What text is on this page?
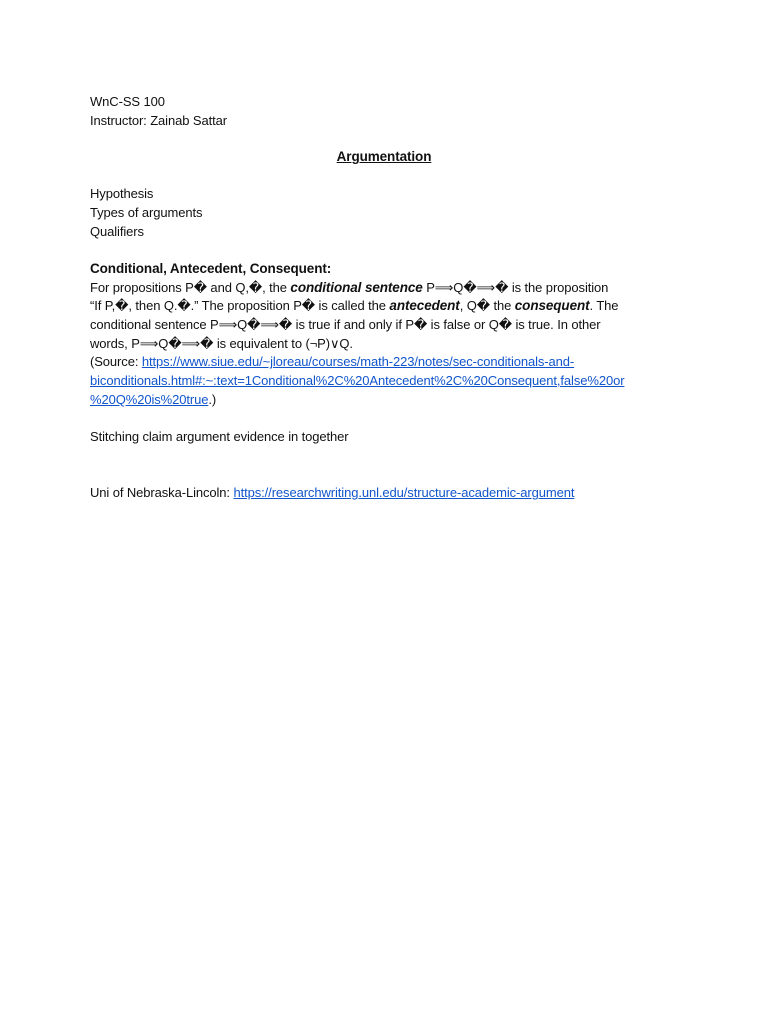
WnC-SS 100
Instructor: Zainab Sattar
Argumentation
Hypothesis
Types of arguments
Qualifiers
Conditional, Antecedent, Consequent:
For propositions P� and Q,�, the conditional sentence P⟹Q�⟹� is the proposition
“If P,�, then Q.�.” The proposition P� is called the antecedent, Q� the consequent. The
conditional sentence P⟹Q�⟹� is true if and only if P� is false or Q� is true. In other
words, P⟹Q�⟹� is equivalent to (¬P)∨Q.
(Source: https://www.siue.edu/~jloreau/courses/math-223/notes/sec-conditionals-and-
biconditionals.html#:~:text=1Conditional%2C%20Antecedent%2C%20Consequent,false%20or
%20Q%20is%20true.)
Stitching claim argument evidence in together
Uni of Nebraska-Lincoln: https://researchwriting.unl.edu/structure-academic-argument
